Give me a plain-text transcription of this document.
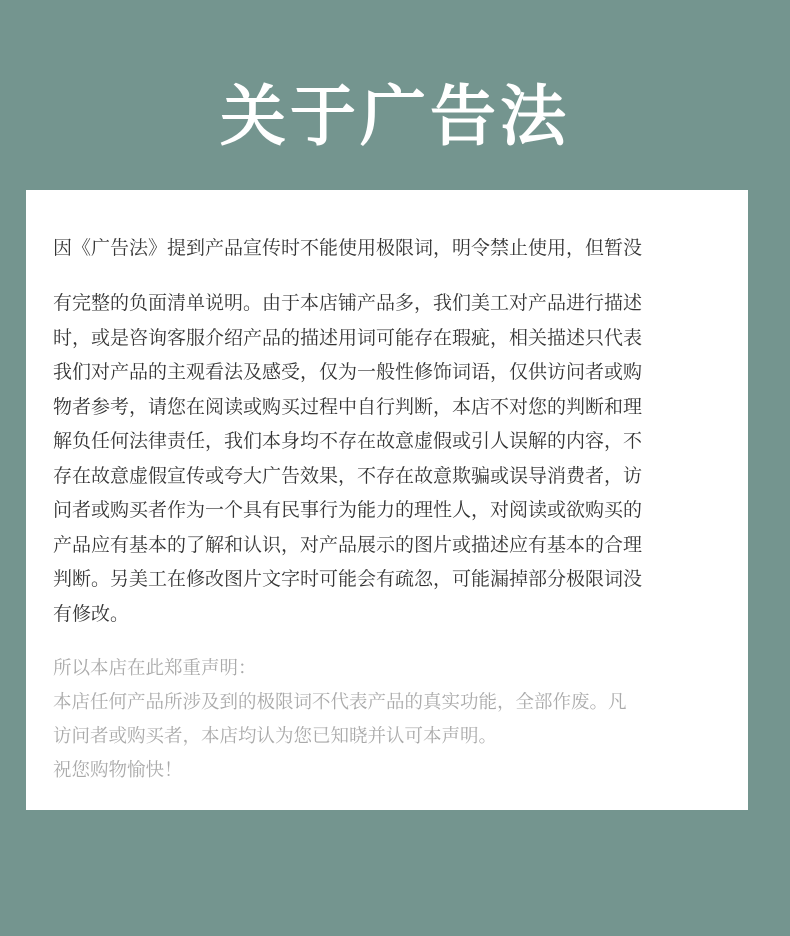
关于广告法
因《广告法》提到产品宣传时不能使用极限词，明令禁止使用，但暂没
有完整的负面清单说明。由于本店铺产品多，我们美工对产品进行描述
时，或是咨询客服介绍产品的描述用词可能存在瑕疵，相关描述只代表
我们对产品的主观看法及感受，仅为一般性修饰词语，仅供访问者或购
物者参考，请您在阅读或购买过程中自行判断，本店不对您的判断和理
解负任何法律责任，我们本身均不存在故意虚假或引人误解的内容，不
存在故意虚假宣传或夸大广告效果，不存在故意欺骗或误导消费者，访
问者或购买者作为一个具有民事行为能力的理性人，对阅读或欲购买的
产品应有基本的了解和认识，对产品展示的图片或描述应有基本的合理
判断。另美工在修改图片文字时可能会有疏忽，可能漏掉部分极限词没
有修改。
所以本店在此郑重声明：
本店任何产品所涉及到的极限词不代表产品的真实功能，全部作废。凡
访问者或购买者，本店均认为您已知晓并认可本声明。
祝您购物愉快！
